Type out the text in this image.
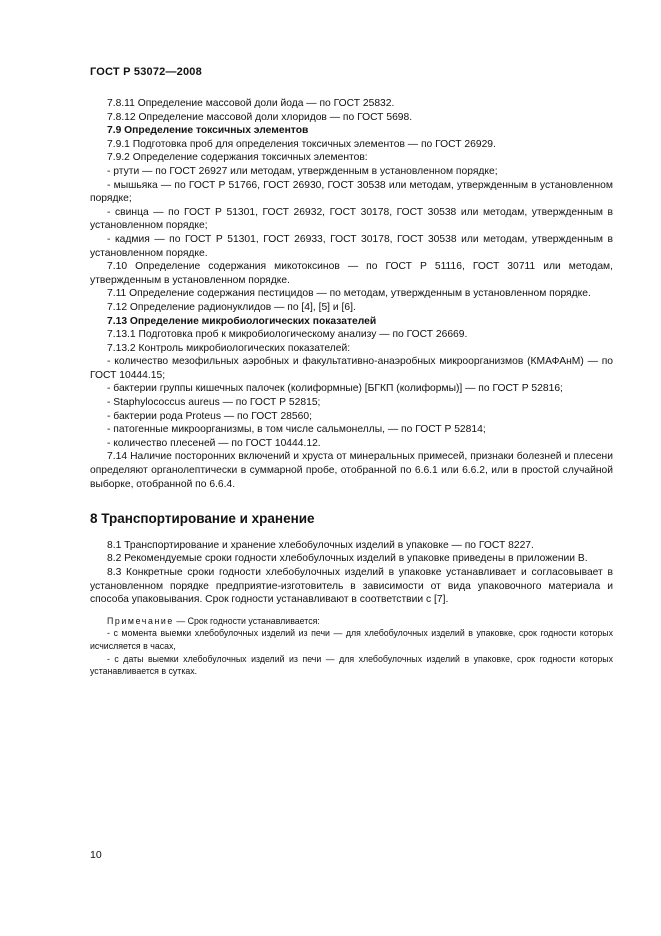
ГОСТ Р 53072—2008

7.8.11 Определение массовой доли йода — по ГОСТ 25832.

7.8.12 Определение массовой доли хлоридов — по ГОСТ 5698.

7.9 Определение токсичных элементов

7.9.1 Подготовка проб для определения токсичных элементов — по ГОСТ 26929.

7.9.2 Определение содержания токсичных элементов:

- ртути — по ГОСТ 26927 или методам, утвержденным в установленном порядке;

- мышьяка — по ГОСТ Р 51766, ГОСТ 26930, ГОСТ 30538 или методам, утвержденным в установленном порядке;

- свинца — по ГОСТ Р 51301, ГОСТ 26932, ГОСТ 30178, ГОСТ 30538 или методам, утвержденным в установленном порядке;

- кадмия — по ГОСТ Р 51301, ГОСТ 26933, ГОСТ 30178, ГОСТ 30538 или методам, утвержденным в установленном порядке.

7.10 Определение содержания микотоксинов — по ГОСТ Р 51116, ГОСТ 30711 или методам, утвержденным в установленном порядке.

7.11 Определение содержания пестицидов — по методам, утвержденным в установленном порядке.

7.12 Определение радионуклидов — по [4], [5] и [6].

7.13 Определение микробиологических показателей

7.13.1 Подготовка проб к микробиологическому анализу — по ГОСТ 26669.

7.13.2 Контроль микробиологических показателей:

- количество мезофильных аэробных и факультативно-анаэробных микроорганизмов (КМАФАнМ) — по ГОСТ 10444.15;

- бактерии группы кишечных палочек (колиформные) [БГКП (колиформы)] — по ГОСТ Р 52816;

- Staphylococcus aureus — по ГОСТ Р 52815;

- бактерии рода Proteus — по ГОСТ 28560;

- патогенные микроорганизмы, в том числе сальмонеллы, — по ГОСТ Р 52814;

- количество плесеней — по ГОСТ 10444.12.

7.14 Наличие посторонних включений и хруста от минеральных примесей, признаки болезней и плесени определяют органолептически в суммарной пробе, отобранной по 6.6.1 или 6.6.2, или в простой случайной выборке, отобранной по 6.6.4.

8 Транспортирование и хранение

8.1 Транспортирование и хранение хлебобулочных изделий в упаковке — по ГОСТ 8227.

8.2 Рекомендуемые сроки годности хлебобулочных изделий в упаковке приведены в приложении В.

8.3 Конкретные сроки годности хлебобулочных изделий в упаковке устанавливает и согласовывает в установленном порядке предприятие-изготовитель в зависимости от вида упаковочного материала и способа упаковывания. Срок годности устанавливают в соответствии с [7].

Примечание — Срок годности устанавливается:

- с момента выемки хлебобулочных изделий из печи — для хлебобулочных изделий в упаковке, срок годности которых исчисляется в часах,

- с даты выемки хлебобулочных изделий из печи — для хлебобулочных изделий в упаковке, срок годности которых устанавливается в сутках.

10
